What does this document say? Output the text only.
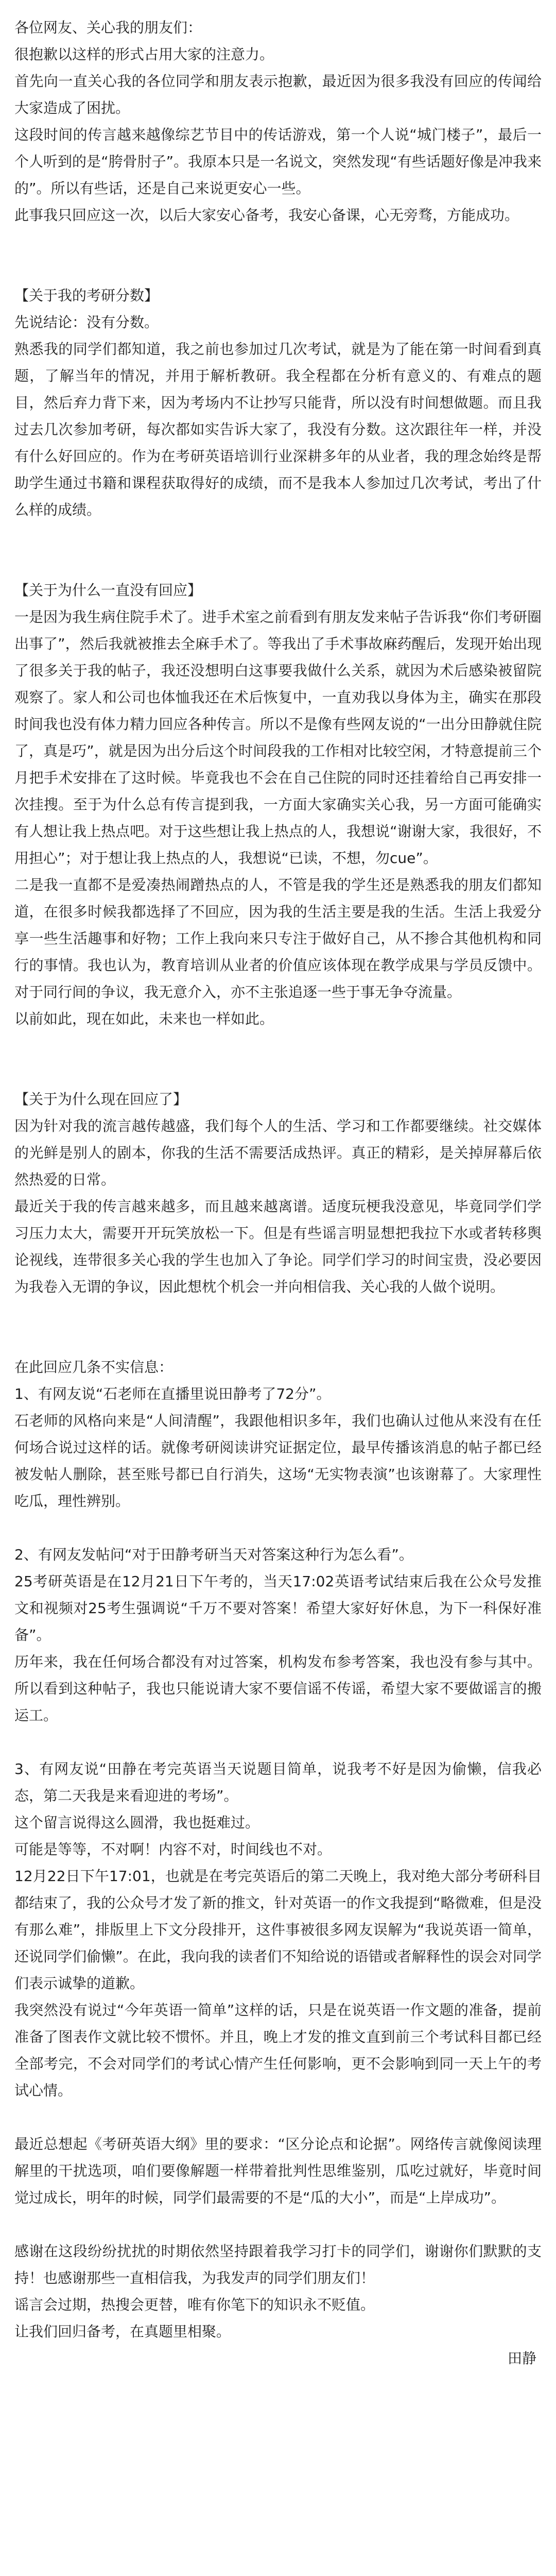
各位网友、关心我的朋友们：

很抱歉以这样的形式占用大家的注意力。

首先向一直关心我的各位同学和朋友表示抱歉，最近因为很多我没有回应的传闻给大家造成了困扰。

这段时间的传言越来越像综艺节目中的传话游戏，第一个人说“城门楼子”，最后一个人听到的是“胯骨肘子”。我原本只是一名说文，突然发现“有些话题好像是冲我来的”。所以有些话，还是自己来说更安心一些。

此事我只回应这一次，以后大家安心备考，我安心备课，心无旁骛，方能成功。

【关于我的考研分数】

先说结论：没有分数。

熟悉我的同学们都知道，我之前也参加过几次考试，就是为了能在第一时间看到真题，了解当年的情况，并用于解析教研。我全程都在分析有意义的、有难点的题目，然后弃力背下来，因为考场内不让抄写只能背，所以没有时间想做题。而且我过去几次参加考研，每次都如实告诉大家了，我没有分数。这次跟往年一样，并没有什么好回应的。作为在考研英语培训行业深耕多年的从业者，我的理念始终是帮助学生通过书籍和课程获取得好的成绩，而不是我本人参加过几次考试，考出了什么样的成绩。

【关于为什么一直没有回应】

一是因为我生病住院手术了。进手术室之前看到有朋友发来帖子告诉我“你们考研圈出事了”，然后我就被推去全麻手术了。等我出了手术事故麻药醒后，发现开始出现了很多关于我的帖子，我还没想明白这事要我做什么关系，就因为术后感染被留院观察了。家人和公司也体恤我还在术后恢复中，一直劝我以身体为主，确实在那段时间我也没有体力精力回应各种传言。所以不是像有些网友说的“一出分田静就住院了，真是巧”，就是因为出分后这个时间段我的工作相对比较空闲，才特意提前三个月把手术安排在了这时候。毕竟我也不会在自己住院的同时还挂着给自己再安排一次挂搜。至于为什么总有传言提到我，一方面大家确实关心我，另一方面可能确实有人想让我上热点吧。对于这些想让我上热点的人，我想说“谢谢大家，我很好，不用担心”；对于想让我上热点的人，我想说“已读，不想，勿cue”。

二是我一直都不是爱凑热闹蹭热点的人，不管是我的学生还是熟悉我的朋友们都知道，在很多时候我都选择了不回应，因为我的生活主要是我的生活。生活上我爱分享一些生活趣事和好物；工作上我向来只专注于做好自己，从不掺合其他机构和同行的事情。我也认为，教育培训从业者的价值应该体现在教学成果与学员反馈中。对于同行间的争议，我无意介入，亦不主张追逐一些于事无争夺流量。

以前如此，现在如此，未来也一样如此。

【关于为什么现在回应了】

因为针对我的流言越传越盛，我们每个人的生活、学习和工作都要继续。社交媒体的光鲜是别人的剧本，你我的生活不需要活成热评。真正的精彩，是关掉屏幕后依然热爱的日常。

最近关于我的传言越来越多，而且越来越离谱。适度玩梗我没意见，毕竟同学们学习压力太大，需要开开玩笑放松一下。但是有些谣言明显想把我拉下水或者转移舆论视线，连带很多关心我的学生也加入了争论。同学们学习的时间宝贵，没必要因为我卷入无谓的争议，因此想枕个机会一并向相信我、关心我的人做个说明。

在此回应几条不实信息：

1、有网友说“石老师在直播里说田静考了72分”。

石老师的风格向来是“人间清醒”，我跟他相识多年，我们也确认过他从来没有在任何场合说过这样的话。就像考研阅读讲究证据定位，最早传播该消息的帖子都已经被发帖人删除，甚至账号都已自行消失，这场“无实物表演”也该谢幕了。大家理性吃瓜，理性辨别。

2、有网友发帖问“对于田静考研当天对答案这种行为怎么看”。

25考研英语是在12月21日下午考的，当天17:02英语考试结束后我在公众号发推文和视频对25考生强调说“千万不要对答案！希望大家好好休息，为下一科保好准备”。

历年来，我在任何场合都没有对过答案，机构发布参考答案，我也没有参与其中。所以看到这种帖子，我也只能说请大家不要信谣不传谣，希望大家不要做谣言的搬运工。

3、有网友说“田静在考完英语当天说题目简单，说我考不好是因为偷懒，信我必态，第二天我是来看迎进的考场”。

这个留言说得这么圆滑，我也挺难过。

可能是等等，不对啊！内容不对，时间线也不对。

12月22日下午17:01，也就是在考完英语后的第二天晚上，我对绝大部分考研科目都结束了，我的公众号才发了新的推文，针对英语一的作文我提到“略微难，但是没有那么难”，排版里上下文分段排开，这件事被很多网友误解为“我说英语一简单，还说同学们偷懒”。在此，我向我的读者们不知给说的语错或者解释性的误会对同学们表示诚挚的道歉。

我突然没有说过“今年英语一简单”这样的话，只是在说英语一作文题的准备，提前准备了图表作文就比较不惯怀。并且，晚上才发的推文直到前三个考试科目都已经全部考完，不会对同学们的考试心情产生任何影响，更不会影响到同一天上午的考试心情。

最近总想起《考研英语大纲》里的要求：“区分论点和论据”。网络传言就像阅读理解里的干扰选项，咱们要像解题一样带着批判性思维鉴别，瓜吃过就好，毕竟时间觉过成长，明年的时候，同学们最需要的不是“瓜的大小”，而是“上岸成功”。

感谢在这段纷纷扰扰的时期依然坚持跟着我学习打卡的同学们，谢谢你们默默的支持！也感谢那些一直相信我，为我发声的同学们朋友们！

谣言会过期，热搜会更替，唯有你笔下的知识永不贬值。

让我们回归备考，在真题里相聚。

田静
